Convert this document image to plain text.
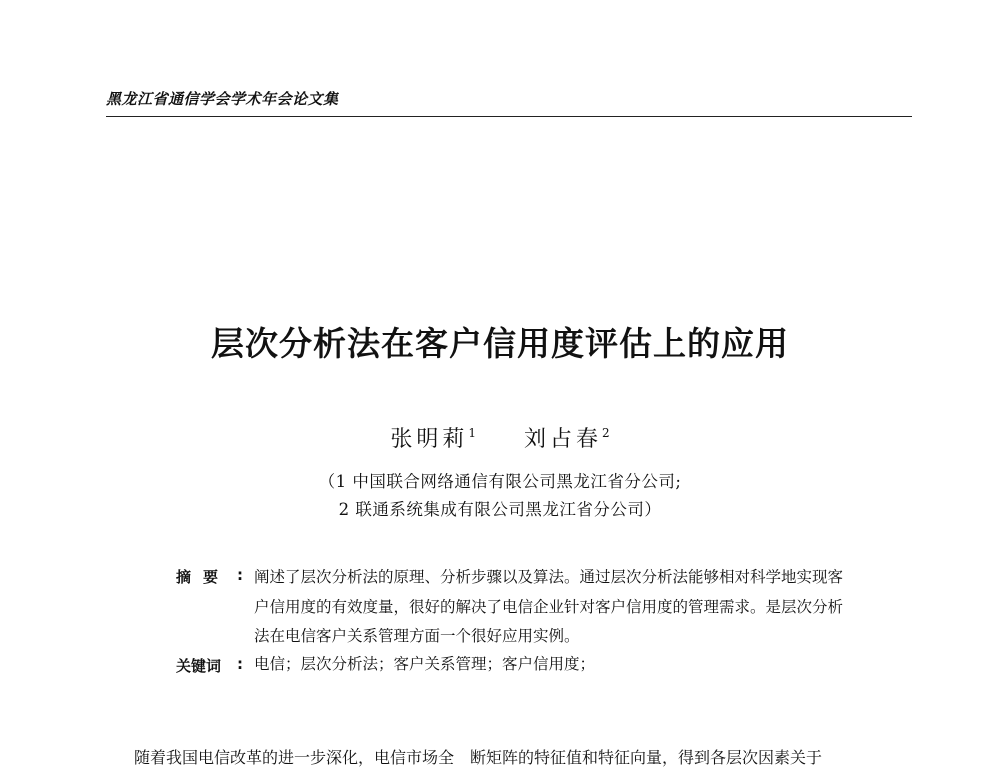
黑龙江省通信学会学术年会论文集
层次分析法在客户信用度评估上的应用
张明莉$^1$ 刘占春$^2$
（1 中国联合网络通信有限公司黑龙江省分公司;
2 联通系统集成有限公司黑龙江省分公司）
摘要 : 阐述了层次分析法的原理、分析步骤以及算法。通过层次分析法能够相对科学地实现客户信用度的有效度量，很好的解决了电信企业针对客户信用度的管理需求。是层次分析法在电信客户关系管理方面一个很好应用实例。
关键词 : 电信；层次分析法；客户关系管理；客户信用度；
随着我国电信改革的进一步深化，电信市场全　断矩阵的特征值和特征向量，得到各层次因素关于
